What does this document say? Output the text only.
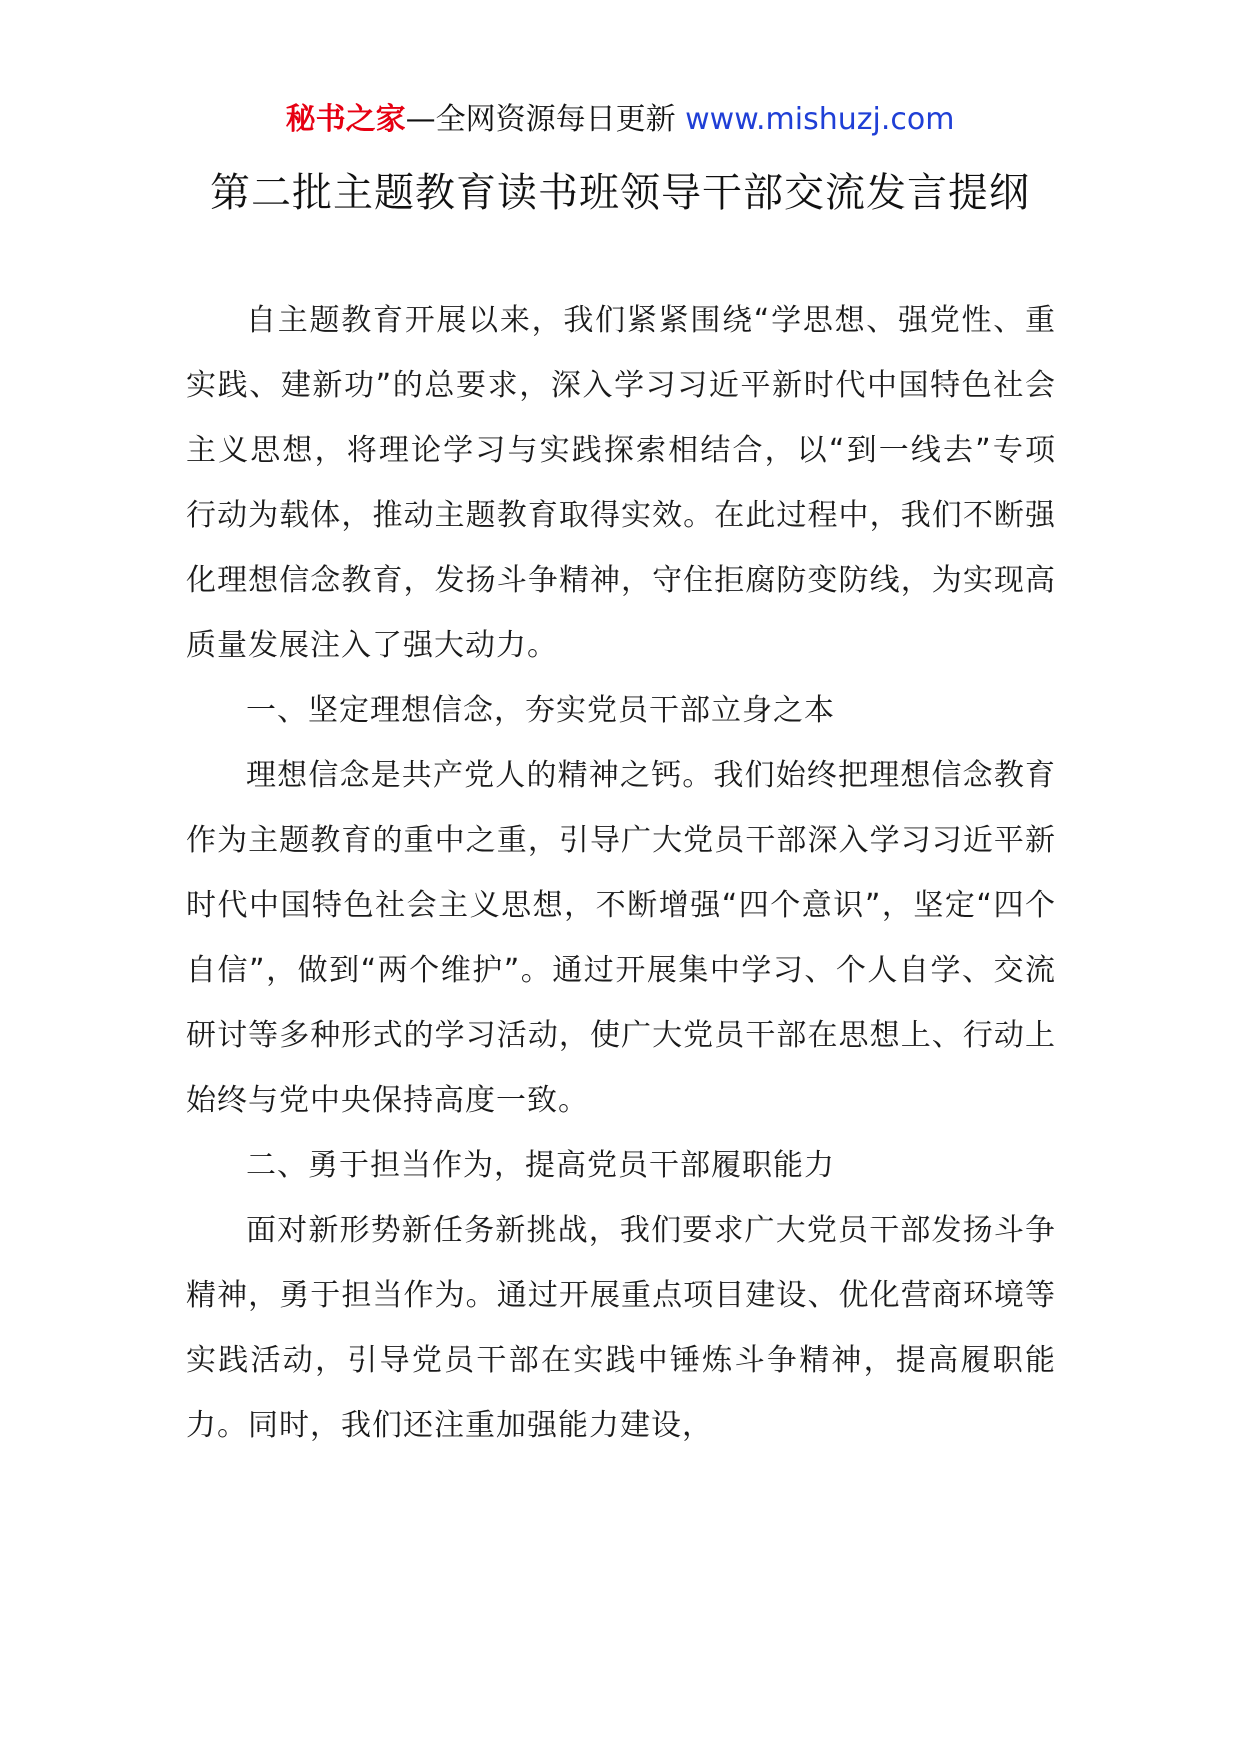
秘书之家—全网资源每日更新 www.mishuzj.com
第二批主题教育读书班领导干部交流发言提纲

自主题教育开展以来，我们紧紧围绕“学思想、强党性、重实践、建新功”的总要求，深入学习习近平新时代中国特色社会主义思想，将理论学习与实践探索相结合，以“到一线去”专项行动为载体，推动主题教育取得实效。在此过程中，我们不断强化理想信念教育，发扬斗争精神，守住拒腐防变防线，为实现高质量发展注入了强大动力。

一、坚定理想信念，夯实党员干部立身之本

理想信念是共产党人的精神之钙。我们始终把理想信念教育作为主题教育的重中之重，引导广大党员干部深入学习习近平新时代中国特色社会主义思想，不断增强“四个意识”，坚定“四个自信”，做到“两个维护”。通过开展集中学习、个人自学、交流研讨等多种形式的学习活动，使广大党员干部在思想上、行动上始终与党中央保持高度一致。

二、勇于担当作为，提高党员干部履职能力

面对新形势新任务新挑战，我们要求广大党员干部发扬斗争精神，勇于担当作为。通过开展重点项目建设、优化营商环境等实践活动，引导党员干部在实践中锤炼斗争精神，提高履职能力。同时，我们还注重加强能力建设，
